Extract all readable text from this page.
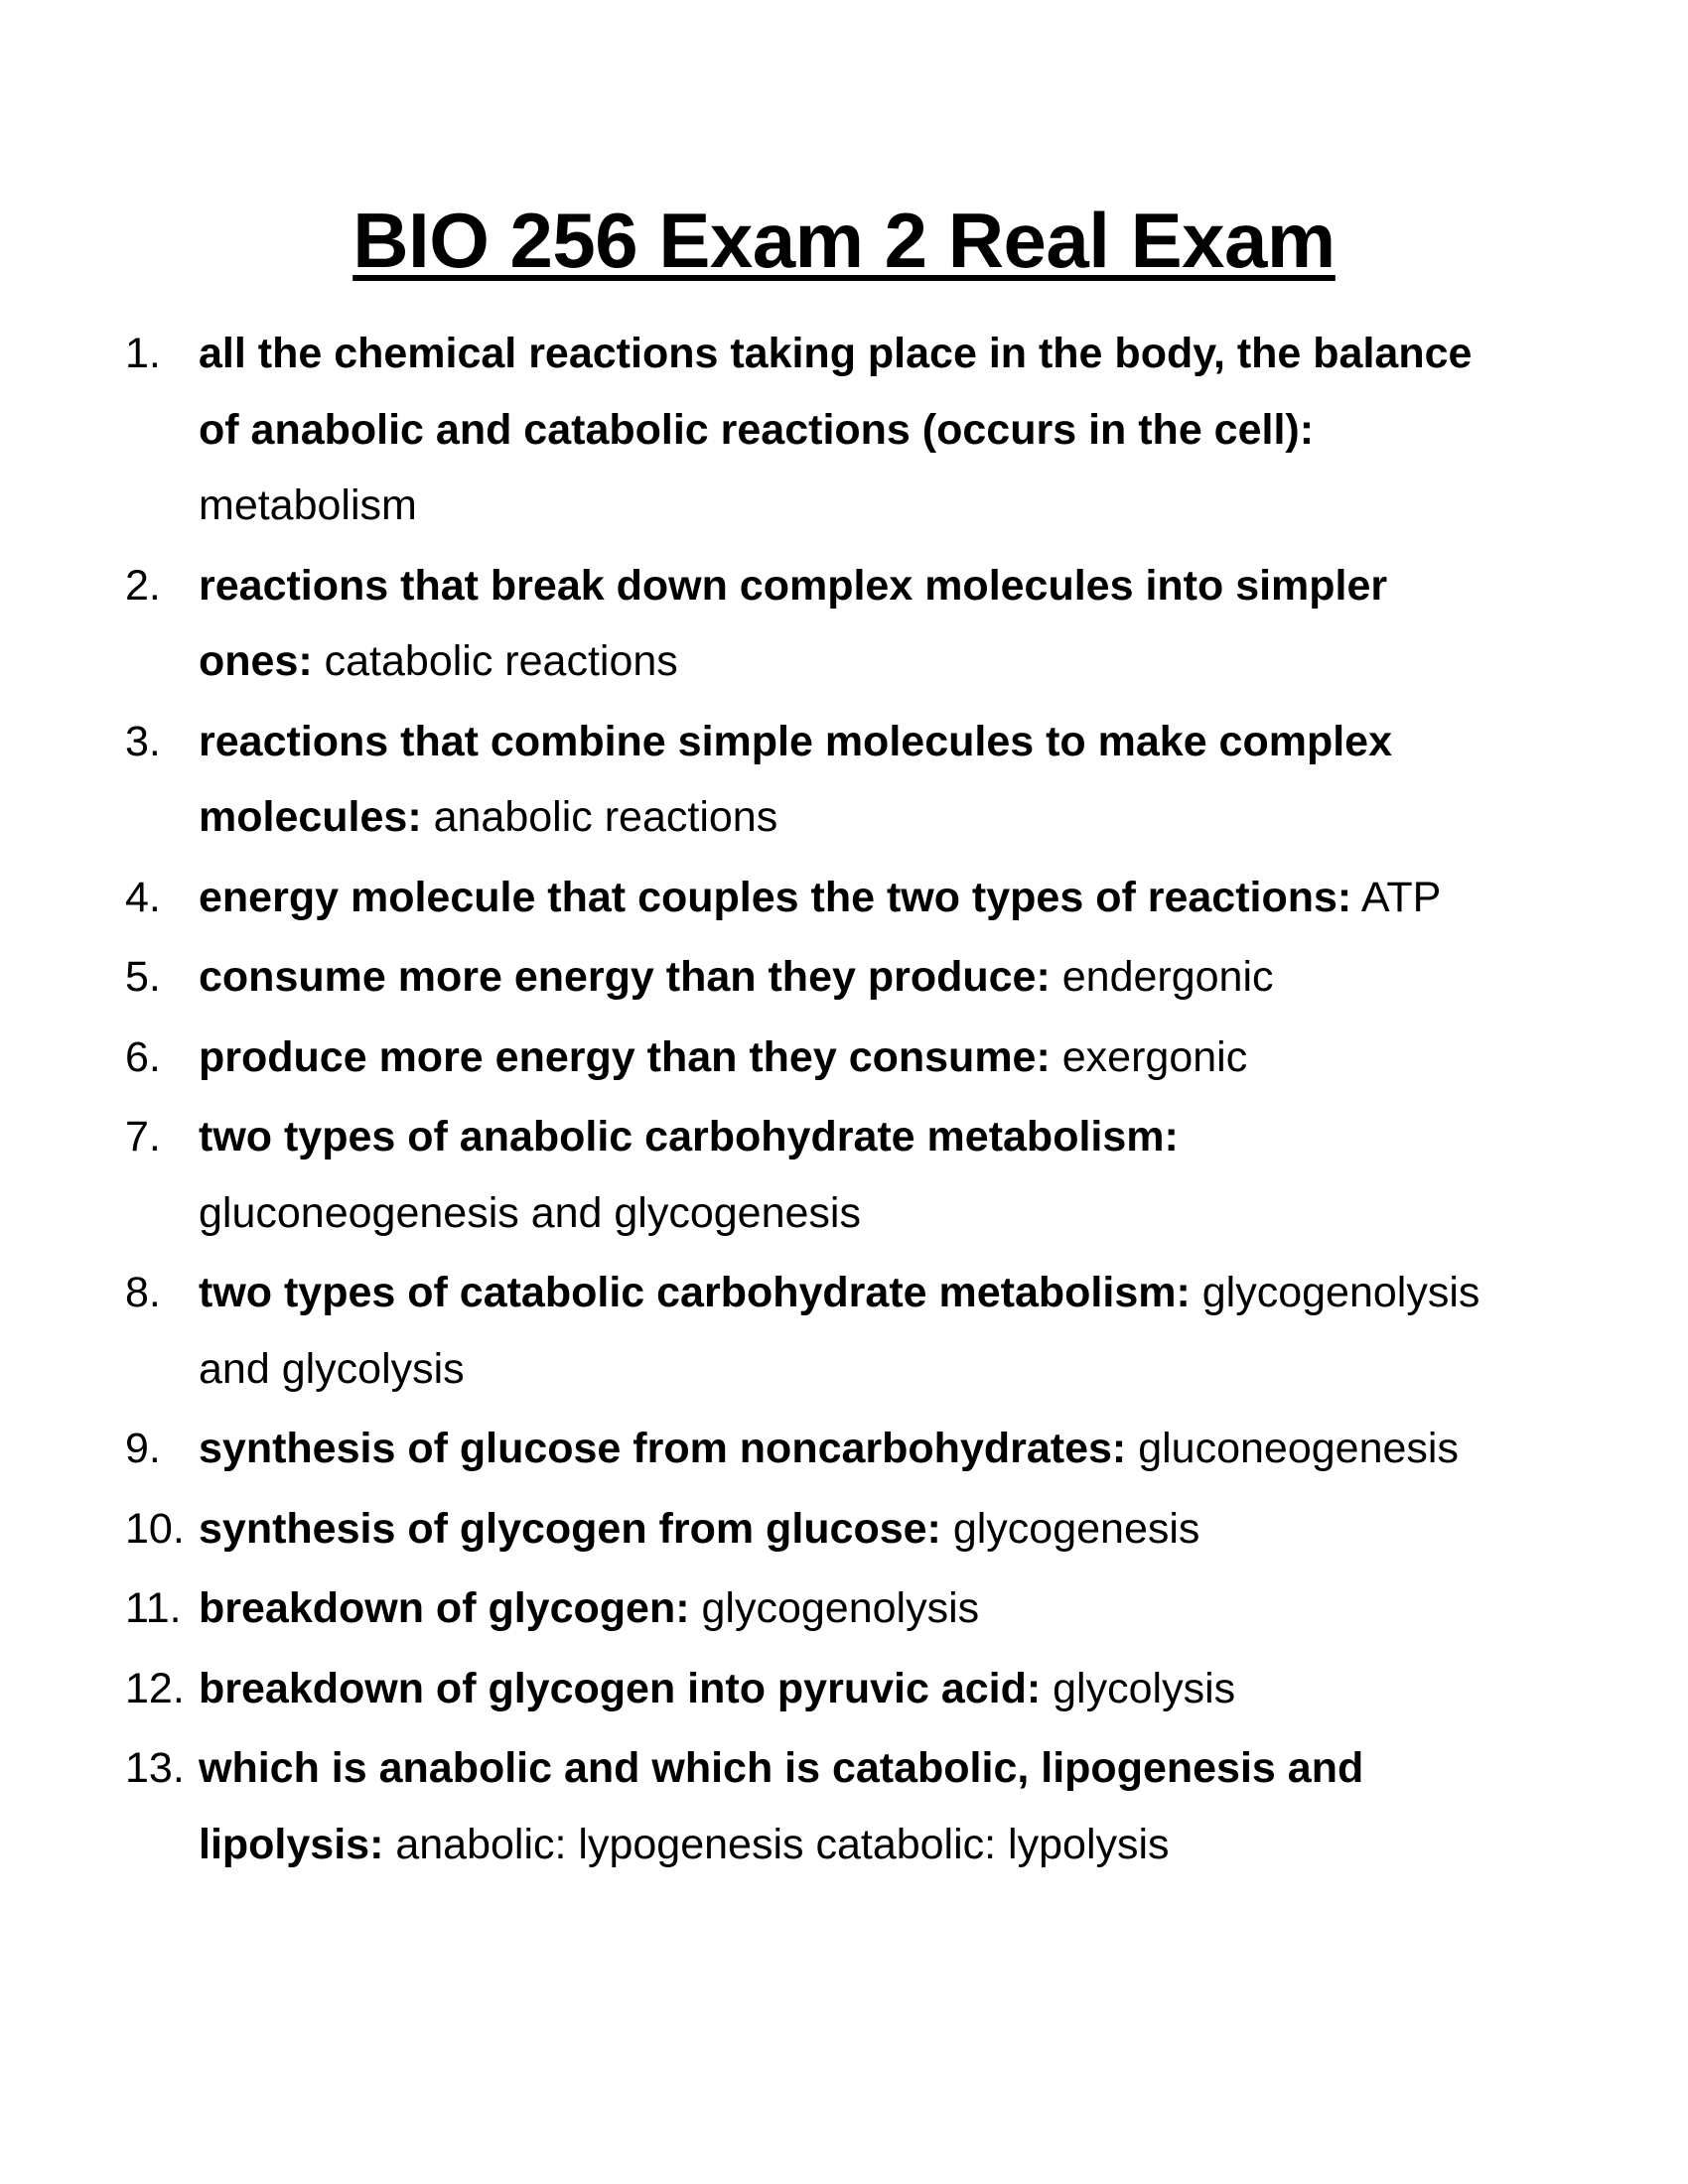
BIO 256 Exam 2 Real Exam
1. all the chemical reactions taking place in the body, the balance of anabolic and catabolic reactions (occurs in the cell): metabolism
2. reactions that break down complex molecules into simpler ones: catabolic reactions
3. reactions that combine simple molecules to make complex molecules: anabolic reactions
4. energy molecule that couples the two types of reactions: ATP
5. consume more energy than they produce: endergonic
6. produce more energy than they consume: exergonic
7. two types of anabolic carbohydrate metabolism: gluconeogenesis and glycogenesis
8. two types of catabolic carbohydrate metabolism: glycogenolysis and glycolysis
9. synthesis of glucose from noncarbohydrates: gluconeogenesis
10. synthesis of glycogen from glucose: glycogenesis
11. breakdown of glycogen: glycogenolysis
12. breakdown of glycogen into pyruvic acid: glycolysis
13. which is anabolic and which is catabolic, lipogenesis and lipolysis: anabolic: lypogenesis catabolic: lypolysis
